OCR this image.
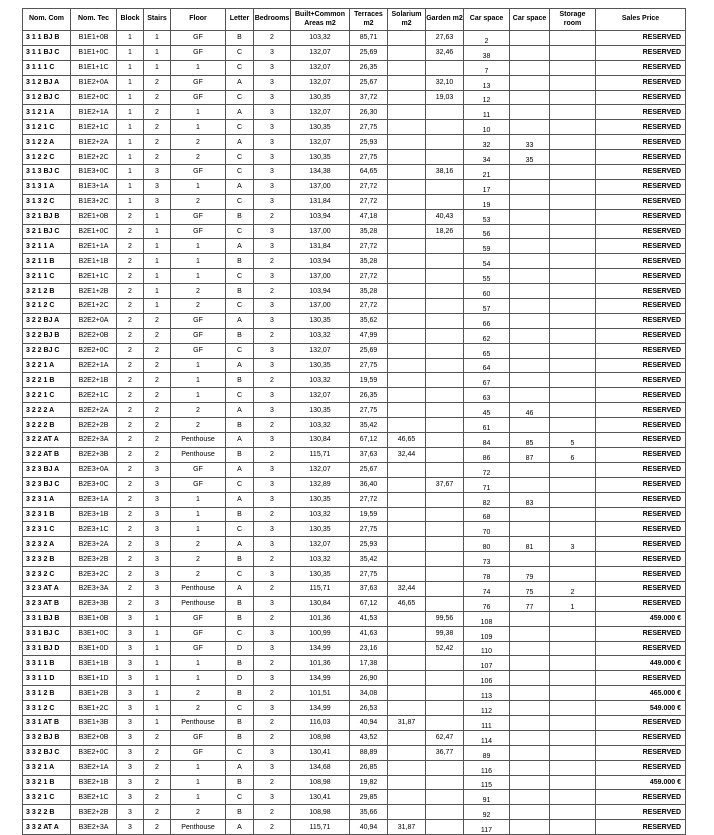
Nom. Com	Nom. Tec	Block	Stairs	Floor	Letter	Bedrooms	Built+Common Areas m2	Terraces m2	Solarium m2	Garden m2	Car space	Car space	Storage room	Sales Price
3 1 1 BJ B	B1E1+0B	1	1	GF	B	2	103,32	85,71		27,63	2			RESERVED
3 1 1 BJ C	B1E1+0C	1	1	GF	C	3	132,07	25,69		32,46	38			RESERVED
3 1 1 1 C	B1E1+1C	1	1	1	C	3	132,07	26,35			7			RESERVED
3 1 2 BJ A	B1E2+0A	1	2	GF	A	3	132,07	25,67		32,10	13			RESERVED
3 1 2 BJ C	B1E2+0C	1	2	GF	C	3	130,35	37,72		19,03	12			RESERVED
3 1 2 1 A	B1E2+1A	1	2	1	A	3	132,07	26,30			11			RESERVED
3 1 2 1 C	B1E2+1C	1	2	1	C	3	130,35	27,75			10			RESERVED
3 1 2 2 A	B1E2+2A	1	2	2	A	3	132,07	25,93			32	33		RESERVED
3 1 2 2 C	B1E2+2C	1	2	2	C	3	130,35	27,75			34	35		RESERVED
3 1 3 BJ C	B1E3+0C	1	3	GF	C	3	134,38	64,65		38,16	21			RESERVED
3 1 3 1 A	B1E3+1A	1	3	1	A	3	137,00	27,72			17			RESERVED
3 1 3 2 C	B1E3+2C	1	3	2	C	3	131,84	27,72			19			RESERVED
3 2 1 BJ B	B2E1+0B	2	1	GF	B	2	103,94	47,18		40,43	53			RESERVED
3 2 1 BJ C	B2E1+0C	2	1	GF	C	3	137,00	35,28		18,26	56			RESERVED
3 2 1 1 A	B2E1+1A	2	1	1	A	3	131,84	27,72			59			RESERVED
3 2 1 1 B	B2E1+1B	2	1	1	B	2	103,94	35,28			54			RESERVED
3 2 1 1 C	B2E1+1C	2	1	1	C	3	137,00	27,72			55			RESERVED
3 2 1 2 B	B2E1+2B	2	1	2	B	2	103,94	35,28			60			RESERVED
3 2 1 2 C	B2E1+2C	2	1	2	C	3	137,00	27,72			57			RESERVED
3 2 2 BJ A	B2E2+0A	2	2	GF	A	3	130,35	35,62			66			RESERVED
3 2 2 BJ B	B2E2+0B	2	2	GF	B	2	103,32	47,99			62			RESERVED
3 2 2 BJ C	B2E2+0C	2	2	GF	C	3	132,07	25,69			65			RESERVED
3 2 2 1 A	B2E2+1A	2	2	1	A	3	130,35	27,75			64			RESERVED
3 2 2 1 B	B2E2+1B	2	2	1	B	2	103,32	19,59			67			RESERVED
3 2 2 1 C	B2E2+1C	2	2	1	C	3	132,07	26,35			63			RESERVED
3 2 2 2 A	B2E2+2A	2	2	2	A	3	130,35	27,75			45	46		RESERVED
3 2 2 2 B	B2E2+2B	2	2	2	B	2	103,32	35,42			61			RESERVED
3 2 2 AT A	B2E2+3A	2	2	Penthouse	A	3	130,84	67,12	46,65		84	85	5	RESERVED
3 2 2 AT B	B2E2+3B	2	2	Penthouse	B	2	115,71	37,63	32,44		86	87	6	RESERVED
3 2 3 BJ A	B2E3+0A	2	3	GF	A	3	132,07	25,67			72			RESERVED
3 2 3 BJ C	B2E3+0C	2	3	GF	C	3	132,89	36,40		37,67	71			RESERVED
3 2 3 1 A	B2E3+1A	2	3	1	A	3	130,35	27,72			82	83		RESERVED
3 2 3 1 B	B2E3+1B	2	3	1	B	2	103,32	19,59			68			RESERVED
3 2 3 1 C	B2E3+1C	2	3	1	C	3	130,35	27,75			70			RESERVED
3 2 3 2 A	B2E3+2A	2	3	2	A	3	132,07	25,93			80	81	3	RESERVED
3 2 3 2 B	B2E3+2B	2	3	2	B	2	103,32	35,42			73			RESERVED
3 2 3 2 C	B2E3+2C	2	3	2	C	3	130,35	27,75			78	79		RESERVED
3 2 3 AT A	B2E3+3A	2	3	Penthouse	A	2	115,71	37,63	32,44		74	75	2	RESERVED
3 2 3 AT B	B2E3+3B	2	3	Penthouse	B	3	130,84	67,12	46,65		76	77	1	RESERVED
3 3 1 BJ B	B3E1+0B	3	1	GF	B	2	101,36	41,53		99,56	108			459.000 €
3 3 1 BJ C	B3E1+0C	3	1	GF	C	3	100,99	41,63		99,38	109			RESERVED
3 3 1 BJ D	B3E1+0D	3	1	GF	D	3	134,99	23,16		52,42	110			RESERVED
3 3 1 1 B	B3E1+1B	3	1	1	B	2	101,36	17,38			107			449.000 €
3 3 1 1 D	B3E1+1D	3	1	1	D	3	134,99	26,90			106			RESERVED
3 3 1 2 B	B3E1+2B	3	1	2	B	2	101,51	34,08			113			465.000 €
3 3 1 2 C	B3E1+2C	3	1	2	C	3	134,99	26,53			112			549.000 €
3 3 1 AT B	B3E1+3B	3	1	Penthouse	B	2	116,03	40,94	31,87		111			RESERVED
3 3 2 BJ B	B3E2+0B	3	2	GF	B	2	108,98	43,52		62,47	114			RESERVED
3 3 2 BJ C	B3E2+0C	3	2	GF	C	3	130,41	88,89		36,77	89			RESERVED
3 3 2 1 A	B3E2+1A	3	2	1	A	3	134,68	26,85			116			RESERVED
3 3 2 1 B	B3E2+1B	3	2	1	B	2	108,98	19,82			115			459.000 €
3 3 2 1 C	B3E2+1C	3	2	1	C	3	130,41	29,85			91			RESERVED
3 3 2 2 B	B3E2+2B	3	2	2	B	2	108,98	35,66			92			RESERVED
3 3 2 AT A	B3E2+3A	3	2	Penthouse	A	2	115,71	40,94	31,87		117			RESERVED
